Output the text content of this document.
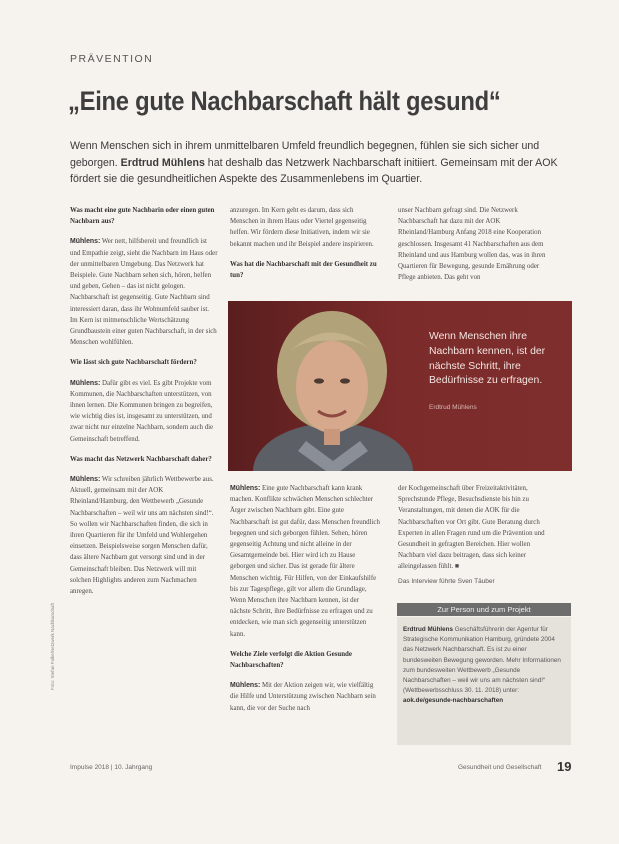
PRÄVENTION
„Eine gute Nachbarschaft hält gesund“
Wenn Menschen sich in ihrem unmittelbaren Umfeld freundlich begegnen, fühlen sie sich sicher und geborgen. Erdtrud Mühlens hat deshalb das Netzwerk Nachbarschaft initiiert. Gemeinsam mit der AOK fördert sie die gesundheitlichen Aspekte des Zusammenlebens im Quartier.

Was macht eine gute Nachbarin oder einen guten Nachbarn aus?

Mühlens: Wer nett, hilfsbereit und freundlich ist und Empathie zeigt, sieht die Nachbarn im Haus oder der unmittelbaren Umgebung. Das Netzwerk hat Beispiele. Gute Nachbarn sehen sich, hören, helfen und geben, Gehen – das ist nicht gelogen. Nachbarschaft ist gegenseitig. Gute Nachbarn sind interessiert daran, dass ihr Wohnumfeld sauber ist. Im Kern ist mitmenschliche Wertschätzung Grundbaustein einer guten Nachbarschaft, in der sich Menschen wohlfühlen.

Wie lässt sich gute Nachbarschaft fördern?

Mühlens: Dafür gibt es viel. Es gibt Projekte vom Kommunen, die Nachbarschaften unterstützen, von ihnen lernen. Die Kommunen bringen zu begreifen, wie wichtig dies ist, insgesamt zu unterstützen, und zwar nicht nur einzelne Nachbarn, sondern auch die Gemeinschaft betreffend.

Was macht das Netzwerk Nachbarschaft daher?

Mühlens: Wir schreiben jährlich Wettbewerbe aus. Aktuell, gemeinsam mit der AOK Rheinland/Hamburg, den Wettbewerb „Gesunde Nachbarschaften – weil wir uns am nächsten sind!“. So wollen wir Nachbarschaften finden, die sich in ihren Quartieren für ihr Umfeld und Wohlergehen einsetzen. Beispielsweise sorgen Menschen dafür, dass ältere Nachbarn gut versorgt sind und in der Gemeinschaft bleiben. Das Netzwerk will mit solchen Highlights anderen zum Nachmachen anregen.

anzuregen. Im Kern geht es darum, dass sich Menschen in ihrem Haus oder Viertel gegenseitig helfen. Wir fördern diese Initiativen, indem wir sie bekannt machen und ihr Beispiel andere inspirieren.

Was hat die Nachbarschaft mit der Gesundheit zu tun?

unser Nachbarn gefragt sind. Die Netzwerk Nachbarschaft hat dazu mit der AOK Rheinland/Hamburg Anfang 2018 eine Kooperation geschlossen. Insgesamt 41 Nachbarschaften aus dem Rheinland und aus Hamburg wollen das, was in ihren Quartieren für Bewegung, gesunde Ernährung oder Pflege anbieten. Das geht von

Wenn Menschen ihre Nachbarn kennen, ist der nächste Schritt, ihre Bedürfnisse zu erfragen.
Erdtrud Mühlens

Mühlens: Eine gute Nachbarschaft kann krank machen. Konflikte schwächen Menschen schlechter Ärger zwischen Nachbarn gibt. Eine gute Nachbarschaft ist gut dafür, dass Menschen freundlich begegnen und sich geborgen fühlen. Sehen, hören gegenseitig Achtung und nicht alleine in der Gesamtgemeinde bei. Hier wird ich zu Hause geborgen und sicher. Das ist gerade für ältere Menschen wichtig. Für Hilfen, von der Einkaufshilfe bis zur Tagespflege, gilt vor allem die Grundlage, Wenn Menschen ihre Nachbarn kennen, ist der nächste Schritt, ihre Bedürfnisse zu erfragen und zu entdecken, wie man sich gegenseitig unterstützen kann.

Welche Ziele verfolgt die Aktion Gesunde Nachbarschaften?

Mühlens: Mit der Aktion zeigen wir, wie vielfältig die Hilfe und Unterstützung zwischen Nachbarn sein kann, die vor der Suche nach

der Kochgemeinschaft über Freizeitaktivitäten, Sprechstunde Pflege, Besuchsdienste bis hin zu Veranstaltungen, mit denen die AOK für die Nachbarschaften vor Ort gibt. Gute Beratung durch Experten in allen Fragen rund um die Prävention und Gesundheit in gefragten Bereichen. Hier wollen Nachbarn viel dazu beitragen, dass sich keiner alleingelassen fühlt. ■

Das Interview führte Sven Täuber
Zur Person und zum Projekt
Erdtrud Mühlens Geschäftsführerin der Agentur für Strategische Kommunikation Hamburg, gründete 2004 das Netzwerk Nachbarschaft. Es ist zu einer bundesweiten Bewegung geworden. Mehr Informationen zum bundesweiten Wettbewerb „Gesunde Nachbarschaften – weil wir uns am nächsten sind!“ (Wettbewerbsschluss 30. 11. 2018) unter: aok.de/gesunde-nachbarschaften
Foto: Stefan Falke/Netzwerk Nachbarschaft
Impulse 2018 | 10. Jahrgang	Gesundheit und Gesellschaft 19
